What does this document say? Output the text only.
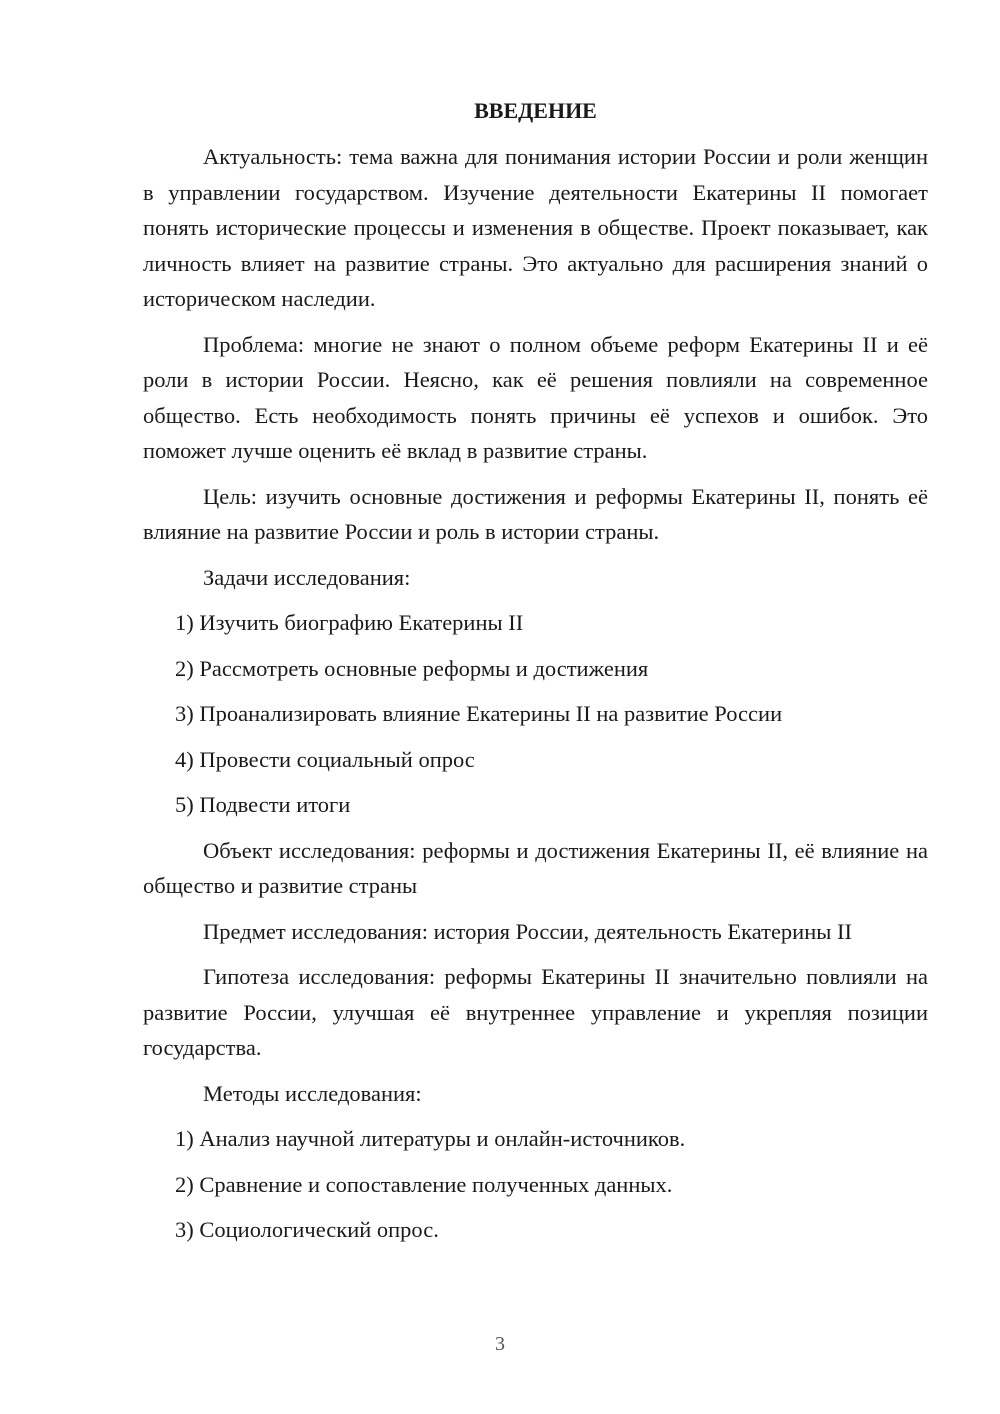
ВВЕДЕНИЕ

Актуальность: тема важна для понимания истории России и роли женщин в управлении государством. Изучение деятельности Екатерины II помогает понять исторические процессы и изменения в обществе. Проект показывает, как личность влияет на развитие страны. Это актуально для расширения знаний о историческом наследии.

Проблема: многие не знают о полном объеме реформ Екатерины II и её роли в истории России. Неясно, как её решения повлияли на современное общество. Есть необходимость понять причины её успехов и ошибок. Это поможет лучше оценить её вклад в развитие страны.

Цель: изучить основные достижения и реформы Екатерины II, понять её влияние на развитие России и роль в истории страны.

Задачи исследования:
1) Изучить биографию Екатерины II
2) Рассмотреть основные реформы и достижения
3) Проанализировать влияние Екатерины II на развитие России
4) Провести социальный опрос
5) Подвести итоги

Объект исследования: реформы и достижения Екатерины II, её влияние на общество и развитие страны

Предмет исследования: история России, деятельность Екатерины II

Гипотеза исследования: реформы Екатерины II значительно повлияли на развитие России, улучшая её внутреннее управление и укрепляя позиции государства.

Методы исследования:
1) Анализ научной литературы и онлайн-источников.
2) Сравнение и сопоставление полученных данных.
3) Социологический опрос.
3
